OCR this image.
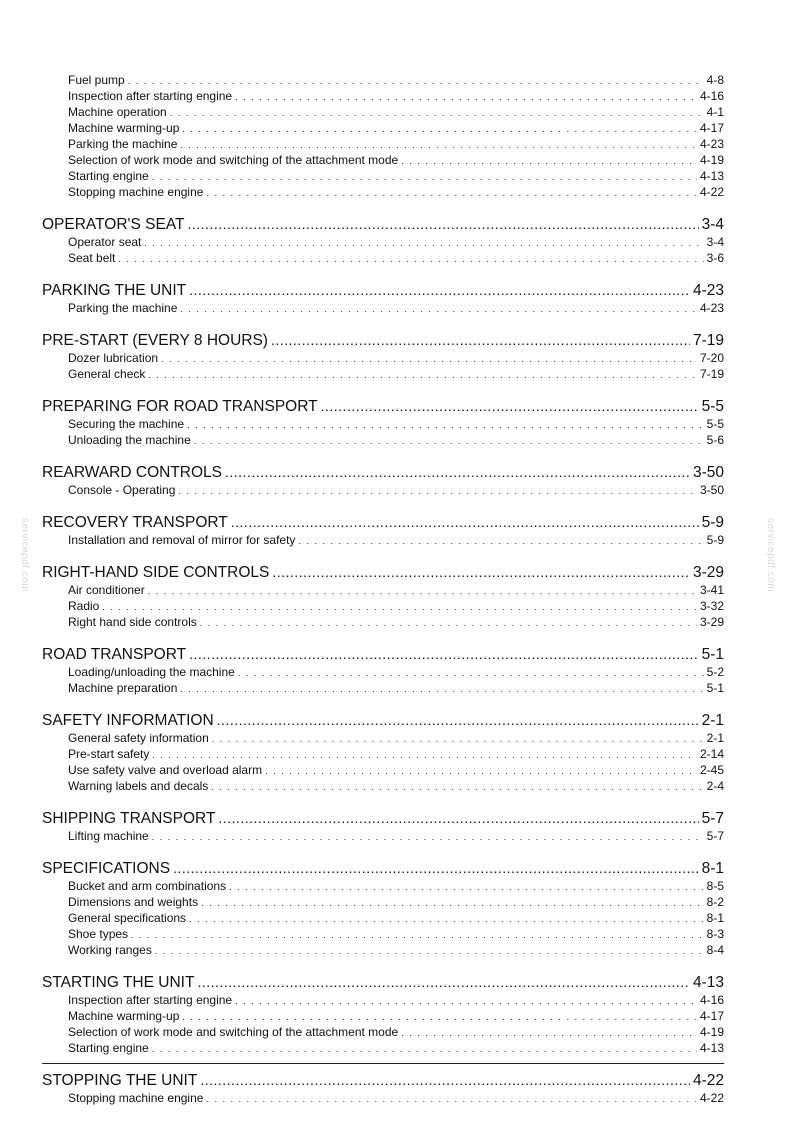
Fuel pump . . .	4-8
Inspection after starting engine . . .	4-16
Machine operation . . .	4-1
Machine warming-up . . .	4-17
Parking the machine . . .	4-23
Selection of work mode and switching of the attachment mode . . .	4-19
Starting engine . . .	4-13
Stopping machine engine . . .	4-22
OPERATOR'S SEAT .....	3-4
Operator seat . . .	3-4
Seat belt . . .	3-6
PARKING THE UNIT .....	4-23
Parking the machine . . .	4-23
PRE-START (EVERY 8 HOURS) .....	7-19
Dozer lubrication . . .	7-20
General check . . .	7-19
PREPARING FOR ROAD TRANSPORT .....	5-5
Securing the machine . . .	5-5
Unloading the machine . . .	5-6
REARWARD CONTROLS .....	3-50
Console - Operating . . .	3-50
RECOVERY TRANSPORT .....	5-9
Installation and removal of mirror for safety . . .	5-9
RIGHT-HAND SIDE CONTROLS .....	3-29
Air conditioner . . .	3-41
Radio . . .	3-32
Right hand side controls . . .	3-29
ROAD TRANSPORT .....	5-1
Loading/unloading the machine . . .	5-2
Machine preparation . . .	5-1
SAFETY INFORMATION .....	2-1
General safety information . . .	2-1
Pre-start safety . . .	2-14
Use safety valve and overload alarm . . .	2-45
Warning labels and decals . . .	2-4
SHIPPING TRANSPORT .....	5-7
Lifting machine . . .	5-7
SPECIFICATIONS .....	8-1
Bucket and arm combinations . . .	8-5
Dimensions and weights . . .	8-2
General specifications . . .	8-1
Shoe types . . .	8-3
Working ranges . . .	8-4
STARTING THE UNIT .....	4-13
Inspection after starting engine . . .	4-16
Machine warming-up . . .	4-17
Selection of work mode and switching of the attachment mode . . .	4-19
Starting engine . . .	4-13
STOPPING THE UNIT .....	4-22
Stopping machine engine . . .	4-22
servicepdf.com	servicepdf.com
